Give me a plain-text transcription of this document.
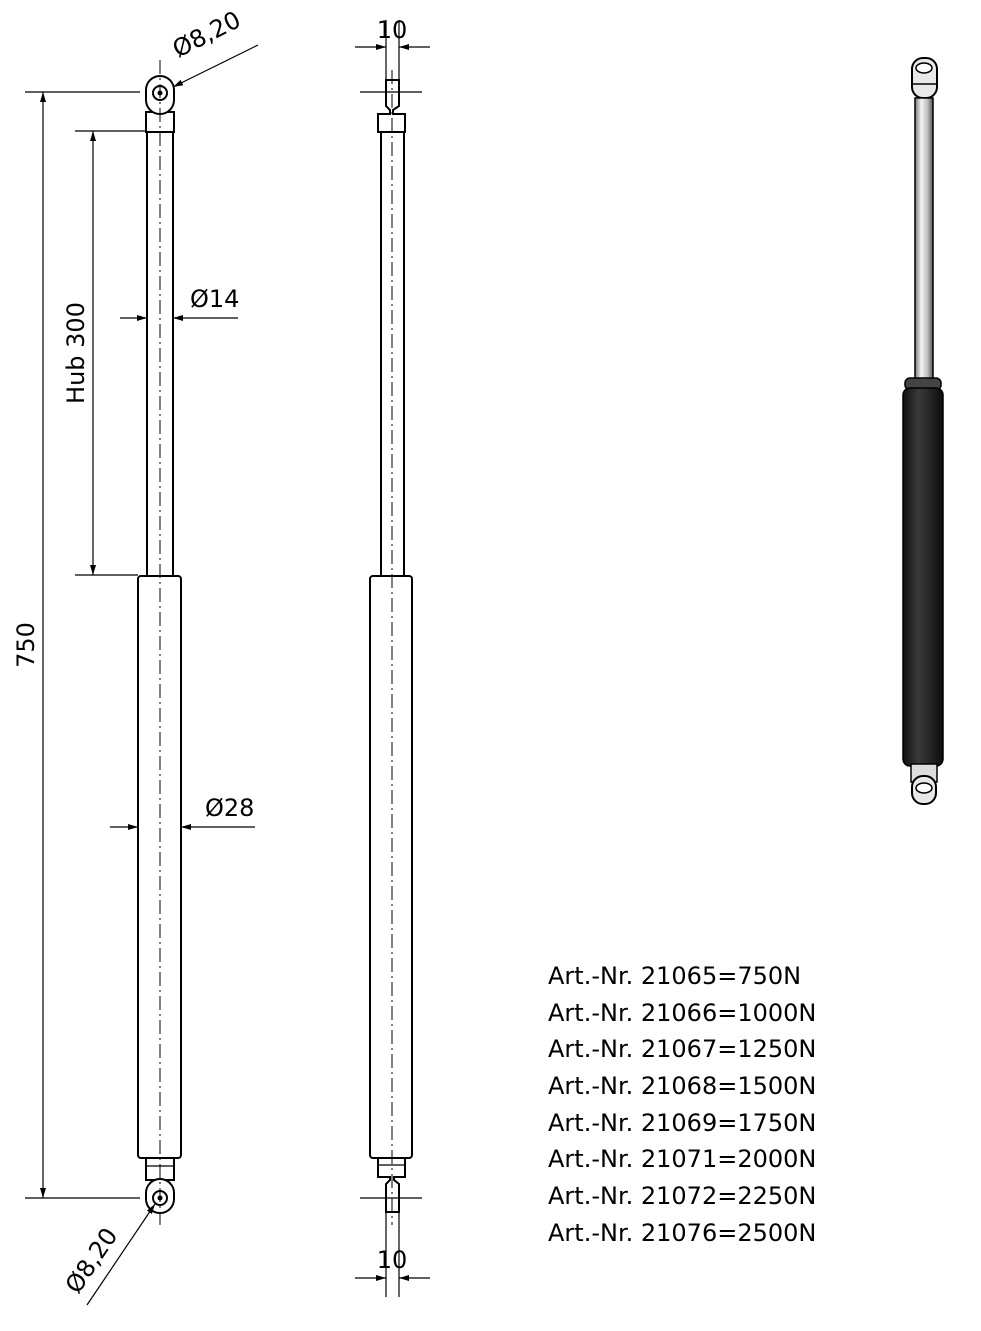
750
Hub 300
Ø14
Ø28
Ø8,20
Ø8,20
10
10
Art.-Nr. 21065=750N
Art.-Nr. 21066=1000N
Art.-Nr. 21067=1250N
Art.-Nr. 21068=1500N
Art.-Nr. 21069=1750N
Art.-Nr. 21071=2000N
Art.-Nr. 21072=2250N
Art.-Nr. 21076=2500N
